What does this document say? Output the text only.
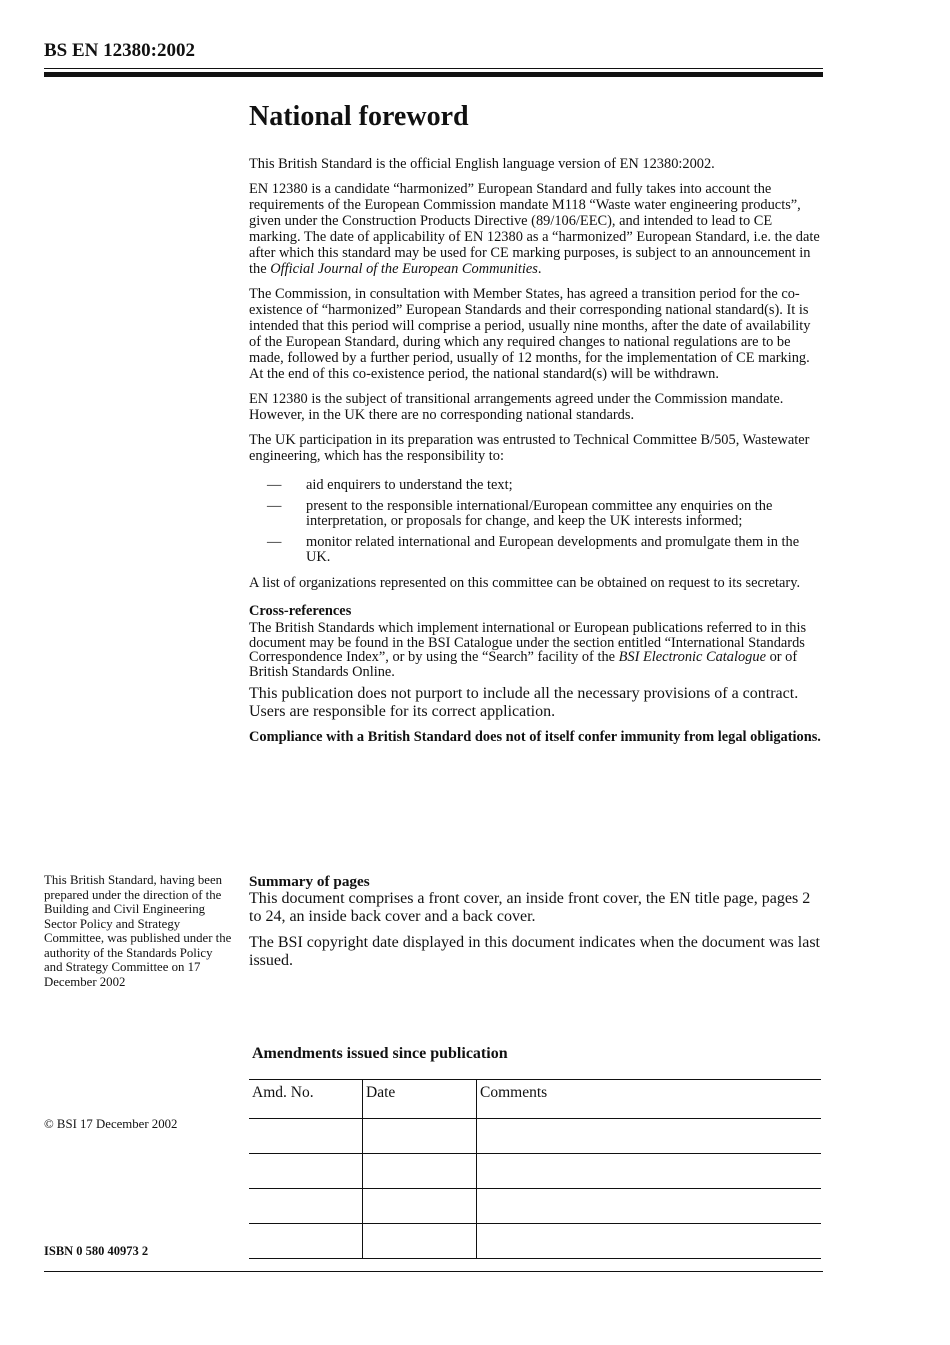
BS EN 12380:2002
National foreword

This British Standard is the official English language version of EN 12380:2002.

EN 12380 is a candidate “harmonized” European Standard and fully takes into account the requirements of the European Commission mandate M118 “Waste water engineering products”, given under the Construction Products Directive (89/106/EEC), and intended to lead to CE marking. The date of applicability of EN 12380 as a “harmonized” European Standard, i.e. the date after which this standard may be used for CE marking purposes, is subject to an announcement in the Official Journal of the European Communities.

The Commission, in consultation with Member States, has agreed a transition period for the co-existence of “harmonized” European Standards and their corresponding national standard(s). It is intended that this period will comprise a period, usually nine months, after the date of availability of the European Standard, during which any required changes to national regulations are to be made, followed by a further period, usually of 12 months, for the implementation of CE marking. At the end of this co-existence period, the national standard(s) will be withdrawn.

EN 12380 is the subject of transitional arrangements agreed under the Commission mandate. However, in the UK there are no corresponding national standards.

The UK participation in its preparation was entrusted to Technical Committee B/505, Wastewater engineering, which has the responsibility to:

— aid enquirers to understand the text;
— present to the responsible international/European committee any enquiries on the interpretation, or proposals for change, and keep the UK interests informed;
— monitor related international and European developments and promulgate them in the UK.

A list of organizations represented on this committee can be obtained on request to its secretary.

Cross-references
The British Standards which implement international or European publications referred to in this document may be found in the BSI Catalogue under the section entitled “International Standards Correspondence Index”, or by using the “Search” facility of the BSI Electronic Catalogue or of British Standards Online.
This publication does not purport to include all the necessary provisions of a contract. Users are responsible for its correct application.
Compliance with a British Standard does not of itself confer immunity from legal obligations.
This British Standard, having been prepared under the direction of the Building and Civil Engineering Sector Policy and Strategy Committee, was published under the authority of the Standards Policy and Strategy Committee on 17 December 2002
Summary of pages

This document comprises a front cover, an inside front cover, the EN title page, pages 2 to 24, an inside back cover and a back cover.

The BSI copyright date displayed in this document indicates when the document was last issued.

Amendments issued since publication
Amd. No.	Date	Comments

© BSI 17 December 2002
ISBN 0 580 40973 2
